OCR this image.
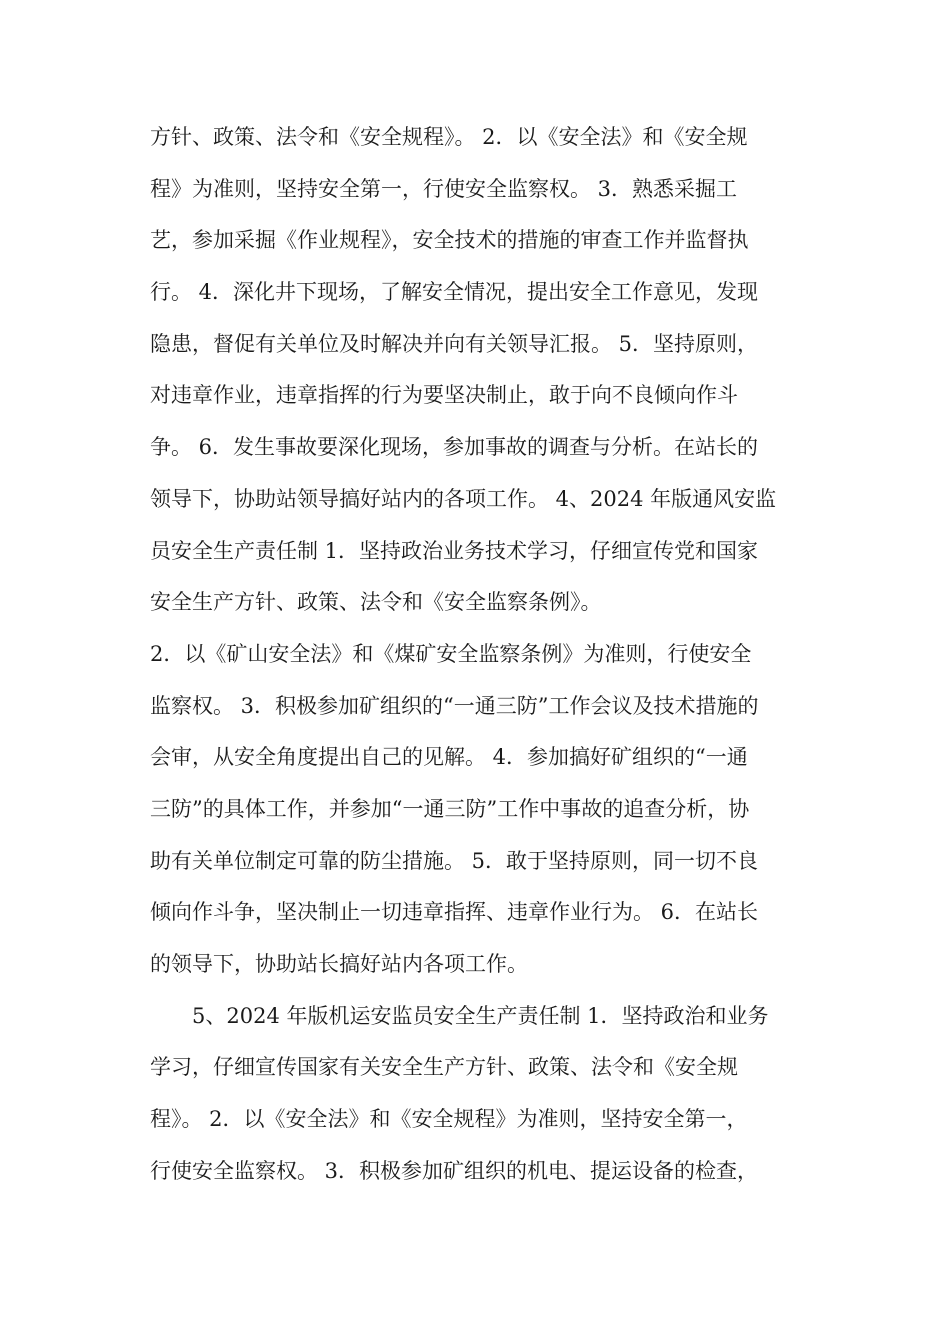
方针、政策、法令和《安全规程》。 2．以《安全法》和《安全规
程》为准则，坚持安全第一，行使安全监察权。 3．熟悉采掘工
艺，参加采掘《作业规程》，安全技术的措施的审查工作并监督执
行。 4．深化井下现场，了解安全情况，提出安全工作意见，发现
隐患，督促有关单位及时解决并向有关领导汇报。 5．坚持原则，
对违章作业，违章指挥的行为要坚决制止，敢于向不良倾向作斗
争。 6．发生事故要深化现场，参加事故的调查与分析。在站长的
领导下，协助站领导搞好站内的各项工作。 4、2024 年版通风安监
员安全生产责任制 1．坚持政治业务技术学习，仔细宣传党和国家
安全生产方针、政策、法令和《安全监察条例》。
2．以《矿山安全法》和《煤矿安全监察条例》为准则，行使安全
监察权。 3．积极参加矿组织的“一通三防”工作会议及技术措施的
会审，从安全角度提出自己的见解。 4．参加搞好矿组织的“一通
三防”的具体工作，并参加“一通三防”工作中事故的追查分析，协
助有关单位制定可靠的防尘措施。 5．敢于坚持原则，同一切不良
倾向作斗争，坚决制止一切违章指挥、违章作业行为。 6．在站长
的领导下，协助站长搞好站内各项工作。
5、2024 年版机运安监员安全生产责任制 1．坚持政治和业务
学习，仔细宣传国家有关安全生产方针、政策、法令和《安全规
程》。 2．以《安全法》和《安全规程》为准则，坚持安全第一，
行使安全监察权。 3．积极参加矿组织的机电、提运设备的检查，
